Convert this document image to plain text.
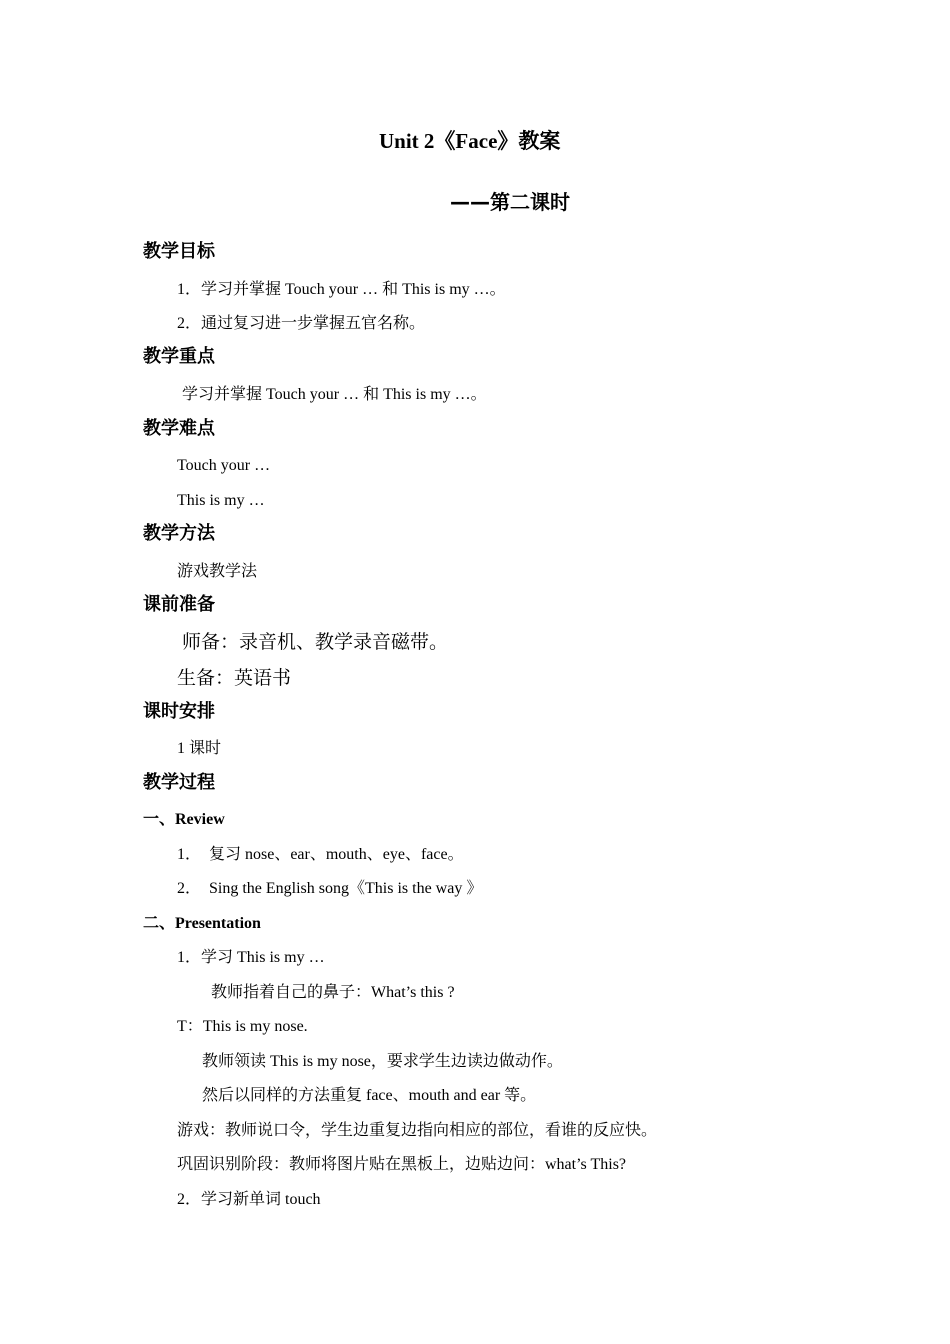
Unit 2《Face》教案
——第二课时
教学目标
1．学习并掌握 Touch your … 和 This is my …。
2．通过复习进一步掌握五官名称。
教学重点
学习并掌握 Touch your … 和 This is my …。
教学难点
Touch your …
This is my …
教学方法
游戏教学法
课前准备
师备：录音机、教学录音磁带。
生备：英语书
课时安排
1 课时
教学过程
一、Review
1．　复习 nose、ear、mouth、eye、face。
2．　Sing the English song《This is the way 》
二、Presentation
1．学习 This is my …
教师指着自己的鼻子：What’s this ?
T：This is my nose.
教师领读 This is my nose，要求学生边读边做动作。
然后以同样的方法重复 face、mouth and ear 等。
游戏：教师说口令，学生边重复边指向相应的部位，看谁的反应快。
巩固识别阶段：教师将图片贴在黑板上，边贴边问：what’s This?
2．学习新单词 touch
